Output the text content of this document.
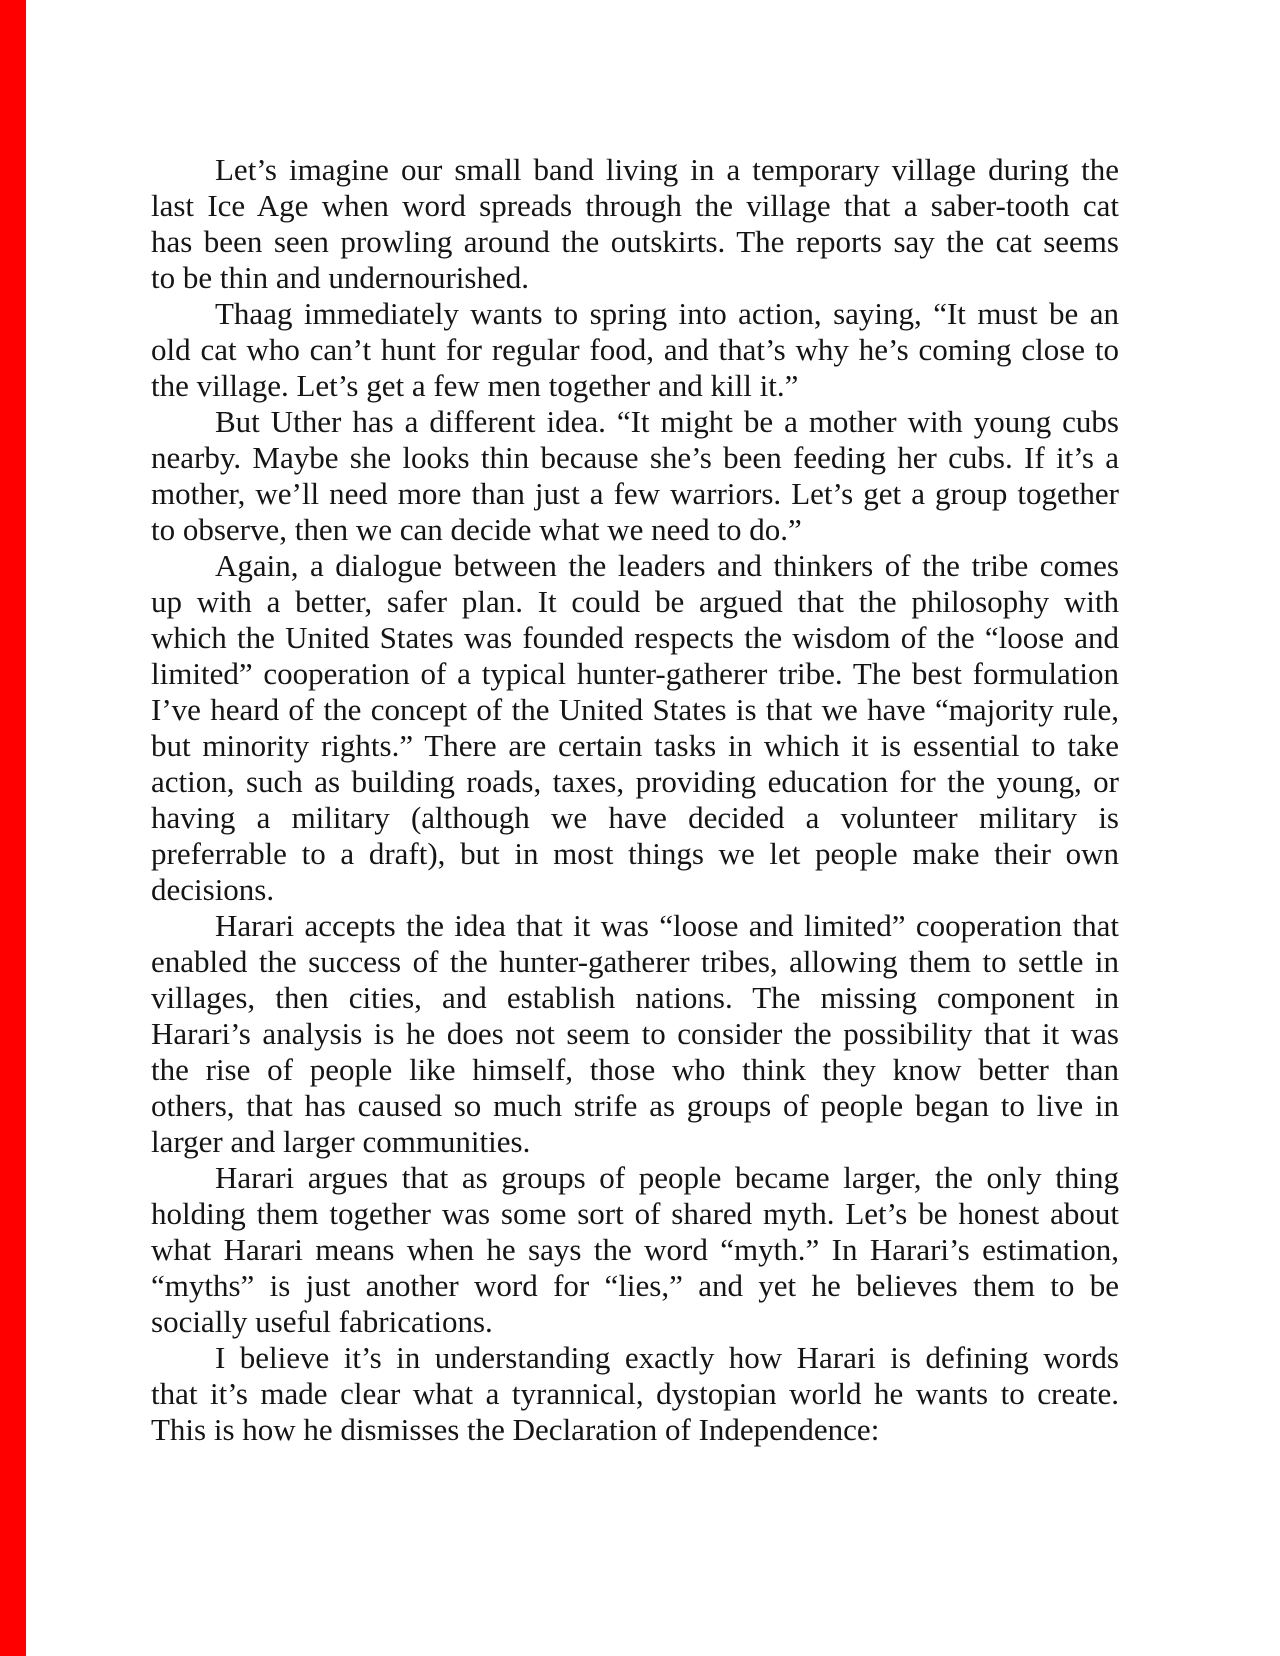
Let’s imagine our small band living in a temporary village during the
last Ice Age when word spreads through the village that a saber-tooth cat
has been seen prowling around the outskirts. The reports say the cat seems
to be thin and undernourished.
Thaag immediately wants to spring into action, saying, “It must be an
old cat who can’t hunt for regular food, and that’s why he’s coming close to
the village. Let’s get a few men together and kill it.”
But Uther has a different idea. “It might be a mother with young cubs
nearby. Maybe she looks thin because she’s been feeding her cubs. If it’s a
mother, we’ll need more than just a few warriors. Let’s get a group together
to observe, then we can decide what we need to do.”
Again, a dialogue between the leaders and thinkers of the tribe comes
up with a better, safer plan. It could be argued that the philosophy with
which the United States was founded respects the wisdom of the “loose and
limited” cooperation of a typical hunter-gatherer tribe. The best formulation
I’ve heard of the concept of the United States is that we have “majority rule,
but minority rights.” There are certain tasks in which it is essential to take
action, such as building roads, taxes, providing education for the young, or
having a military (although we have decided a volunteer military is
preferrable to a draft), but in most things we let people make their own
decisions.
Harari accepts the idea that it was “loose and limited” cooperation that
enabled the success of the hunter-gatherer tribes, allowing them to settle in
villages, then cities, and establish nations. The missing component in
Harari’s analysis is he does not seem to consider the possibility that it was
the rise of people like himself, those who think they know better than
others, that has caused so much strife as groups of people began to live in
larger and larger communities.
Harari argues that as groups of people became larger, the only thing
holding them together was some sort of shared myth. Let’s be honest about
what Harari means when he says the word “myth.” In Harari’s estimation,
“myths” is just another word for “lies,” and yet he believes them to be
socially useful fabrications.
I believe it’s in understanding exactly how Harari is defining words
that it’s made clear what a tyrannical, dystopian world he wants to create.
This is how he dismisses the Declaration of Independence:
